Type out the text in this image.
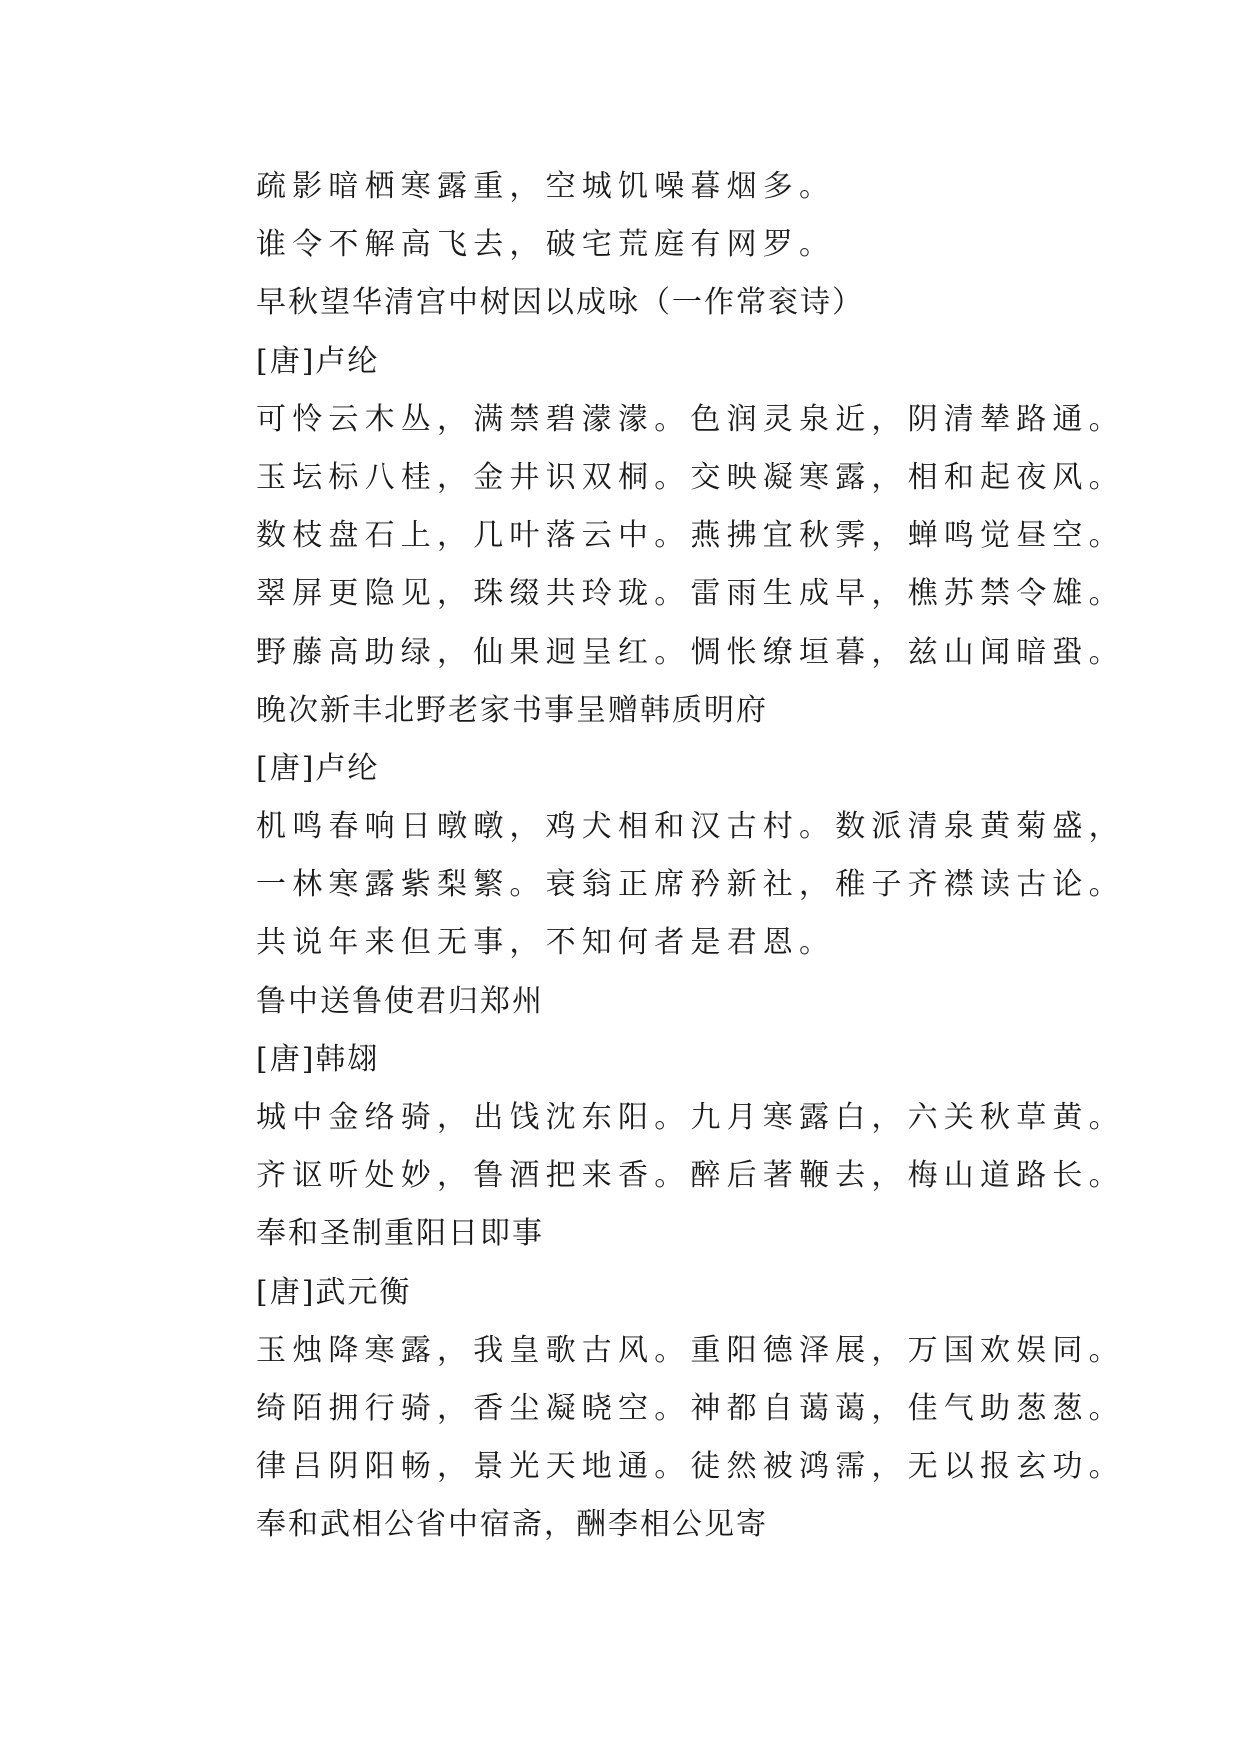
疏影暗栖寒露重，空城饥噪暮烟多。
谁令不解高飞去，破宅荒庭有网罗。
早秋望华清宫中树因以成咏（一作常衮诗）
[唐]卢纶
可怜云木丛，满禁碧濛濛。色润灵泉近，阴清辇路通。
玉坛标八桂，金井识双桐。交映凝寒露，相和起夜风。
数枝盘石上，几叶落云中。燕拂宜秋霁，蝉鸣觉昼空。
翠屏更隐见，珠缀共玲珑。雷雨生成早，樵苏禁令雄。
野藤高助绿，仙果迥呈红。惆怅缭垣暮，兹山闻暗蛩。
晚次新丰北野老家书事呈赠韩质明府
[唐]卢纶
机鸣春响日暾暾，鸡犬相和汉古村。数派清泉黄菊盛，
一林寒露紫梨繁。衰翁正席矜新社，稚子齐襟读古论。
共说年来但无事，不知何者是君恩。
鲁中送鲁使君归郑州
[唐]韩翃
城中金络骑，出饯沈东阳。九月寒露白，六关秋草黄。
齐讴听处妙，鲁酒把来香。醉后著鞭去，梅山道路长。
奉和圣制重阳日即事
[唐]武元衡
玉烛降寒露，我皇歌古风。重阳德泽展，万国欢娱同。
绮陌拥行骑，香尘凝晓空。神都自蔼蔼，佳气助葱葱。
律吕阴阳畅，景光天地通。徒然被鸿霈，无以报玄功。
奉和武相公省中宿斋，酬李相公见寄
